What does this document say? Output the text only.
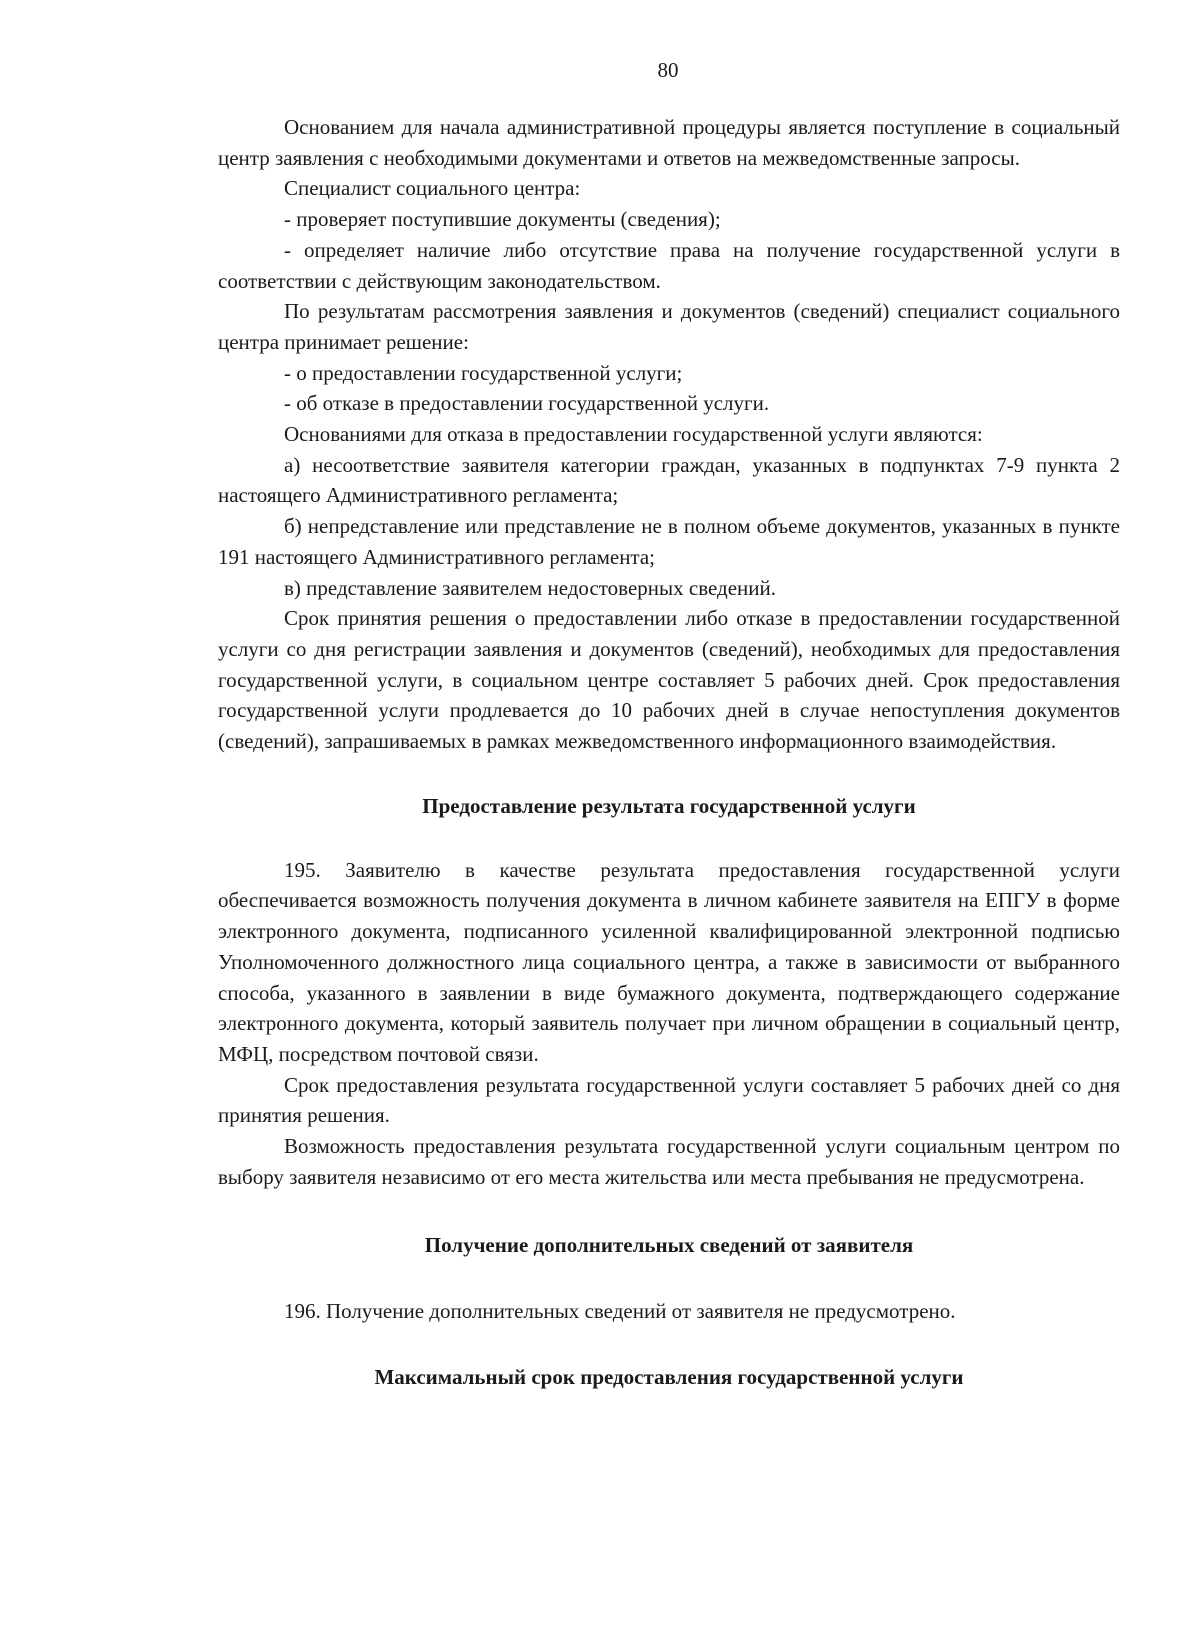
80

Основанием для начала административной процедуры является поступление в социальный центр заявления с необходимыми документами и ответов на межведомственные запросы.

Специалист социального центра:

- проверяет поступившие документы (сведения);

- определяет наличие либо отсутствие права на получение государственной услуги в соответствии с действующим законодательством.

По результатам рассмотрения заявления и документов (сведений) специалист социального центра принимает решение:

- о предоставлении государственной услуги;

- об отказе в предоставлении государственной услуги.

Основаниями для отказа в предоставлении государственной услуги являются:

а) несоответствие заявителя категории граждан, указанных в подпунктах 7-9 пункта 2 настоящего Административного регламента;

б) непредставление или представление не в полном объеме документов, указанных в пункте 191 настоящего Административного регламента;

в) представление заявителем недостоверных сведений.

Срок принятия решения о предоставлении либо отказе в предоставлении государственной услуги со дня регистрации заявления и документов (сведений), необходимых для предоставления государственной услуги, в социальном центре составляет 5 рабочих дней. Срок предоставления государственной услуги продлевается до 10 рабочих дней в случае непоступления документов (сведений), запрашиваемых в рамках межведомственного информационного взаимодействия.

Предоставление результата государственной услуги

195. Заявителю в качестве результата предоставления государственной услуги обеспечивается возможность получения документа в личном кабинете заявителя на ЕПГУ в форме электронного документа, подписанного усиленной квалифицированной электронной подписью Уполномоченного должностного лица социального центра, а также в зависимости от выбранного способа, указанного в заявлении в виде бумажного документа, подтверждающего содержание электронного документа, который заявитель получает при личном обращении в социальный центр, МФЦ, посредством почтовой связи.

Срок предоставления результата государственной услуги составляет 5 рабочих дней со дня принятия решения.

Возможность предоставления результата государственной услуги социальным центром по выбору заявителя независимо от его места жительства или места пребывания не предусмотрена.

Получение дополнительных сведений от заявителя

196. Получение дополнительных сведений от заявителя не предусмотрено.

Максимальный срок предоставления государственной услуги
